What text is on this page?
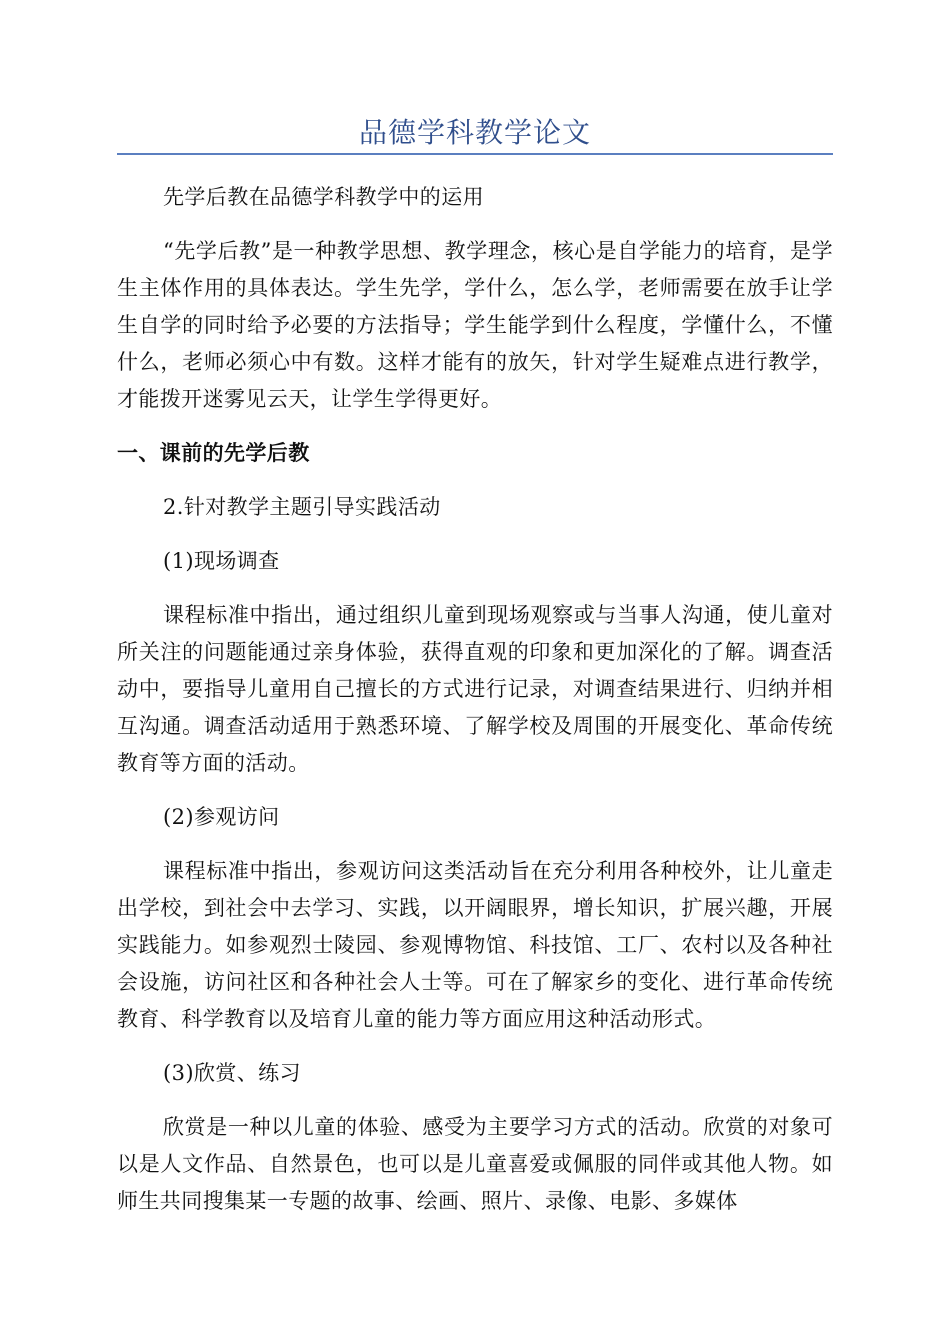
品德学科教学论文

先学后教在品德学科教学中的运用

“先学后教”是一种教学思想、教学理念，核心是自学能力的培育，是学生主体作用的具体表达。学生先学，学什么，怎么学，老师需要在放手让学生自学的同时给予必要的方法指导；学生能学到什么程度，学懂什么，不懂什么，老师必须心中有数。这样才能有的放矢，针对学生疑难点进行教学，才能拨开迷雾见云天，让学生学得更好。

一、课前的先学后教

2.针对教学主题引导实践活动

(1)现场调查

课程标准中指出，通过组织儿童到现场观察或与当事人沟通，使儿童对所关注的问题能通过亲身体验，获得直观的印象和更加深化的了解。调查活动中，要指导儿童用自己擅长的方式进行记录，对调查结果进行、归纳并相互沟通。调查活动适用于熟悉环境、了解学校及周围的开展变化、革命传统教育等方面的活动。

(2)参观访问

课程标准中指出，参观访问这类活动旨在充分利用各种校外，让儿童走出学校，到社会中去学习、实践，以开阔眼界，增长知识，扩展兴趣，开展实践能力。如参观烈士陵园、参观博物馆、科技馆、工厂、农村以及各种社会设施，访问社区和各种社会人士等。可在了解家乡的变化、进行革命传统教育、科学教育以及培育儿童的能力等方面应用这种活动形式。

(3)欣赏、练习

欣赏是一种以儿童的体验、感受为主要学习方式的活动。欣赏的对象可以是人文作品、自然景色，也可以是儿童喜爱或佩服的同伴或其他人物。如师生共同搜集某一专题的故事、绘画、照片、录像、电影、多媒体
